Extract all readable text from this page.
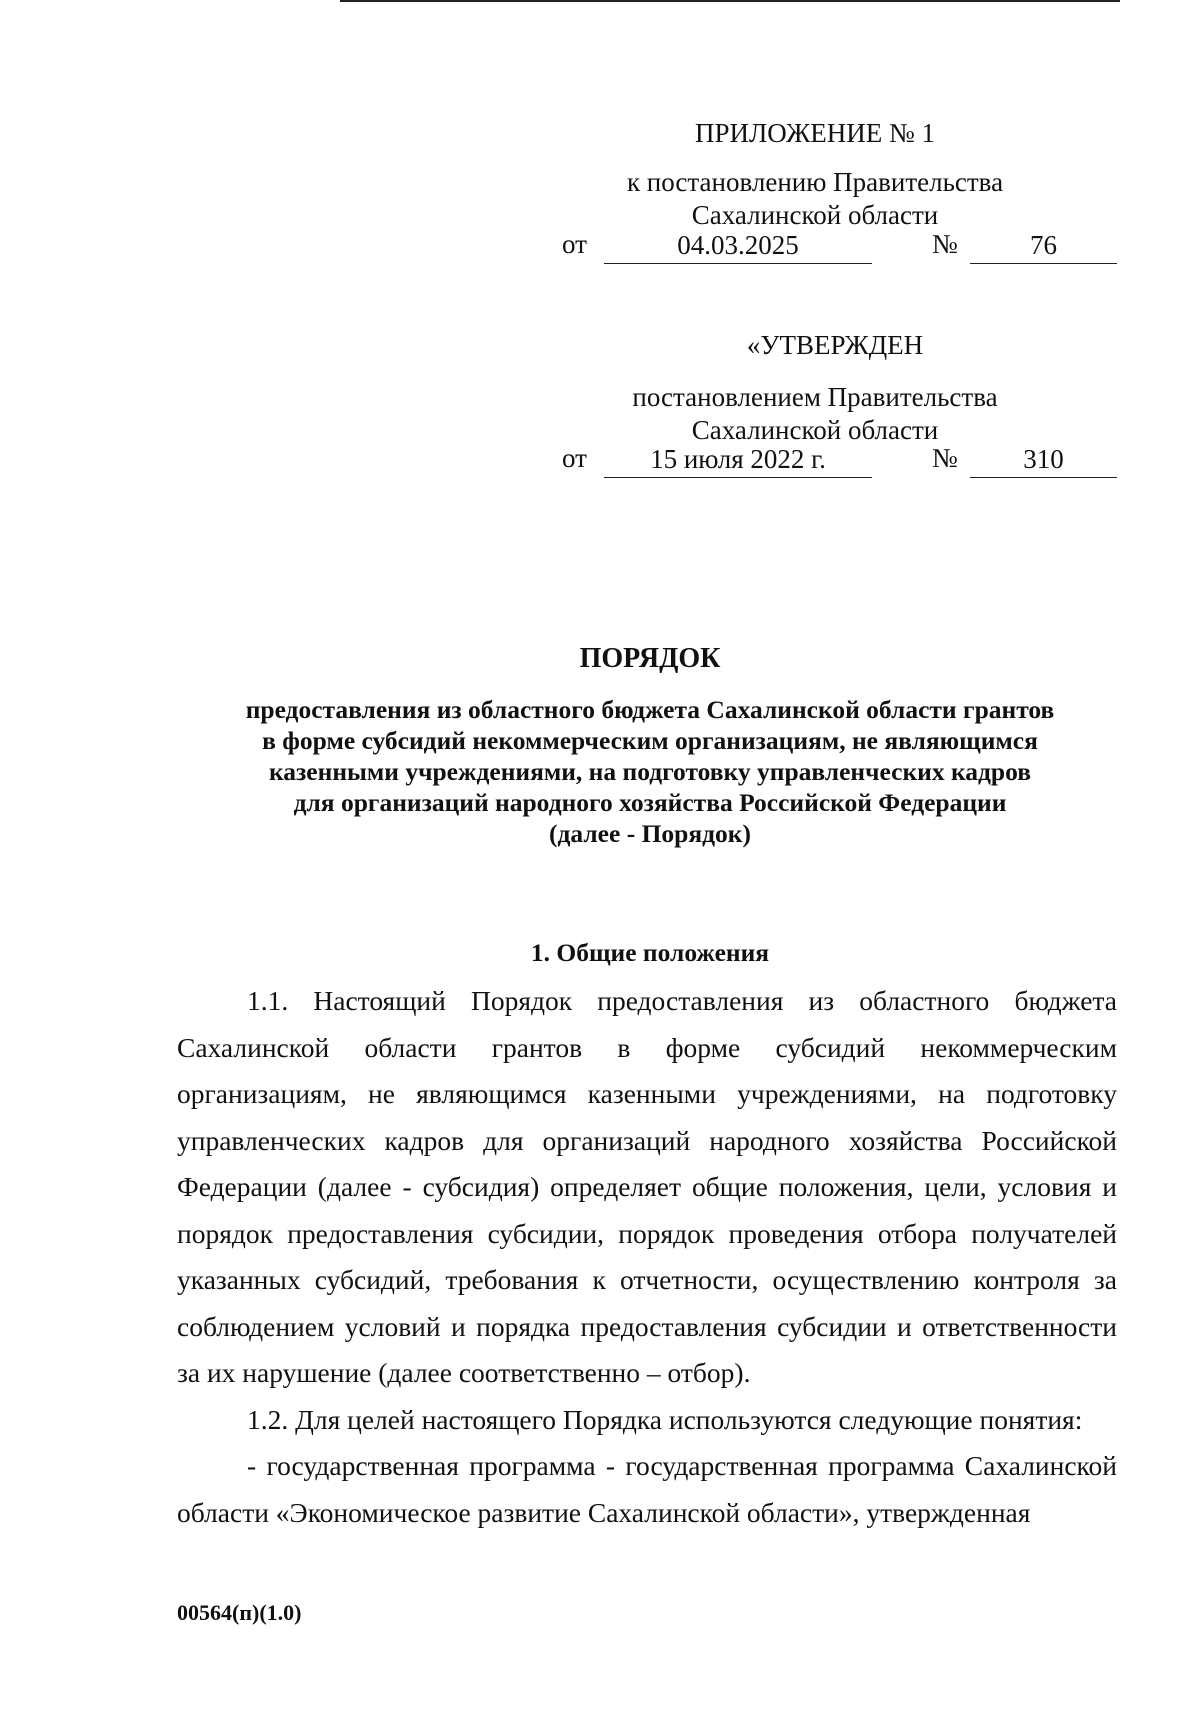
ПРИЛОЖЕНИЕ № 1
к постановлению Правительства
Сахалинской области
от	04.03.2025	№	76
«УТВЕРЖДЕН
постановлением Правительства
Сахалинской области
от	15 июля 2022 г.	№	310
ПОРЯДОК
предоставления из областного бюджета Сахалинской области грантов
в форме субсидий некоммерческим организациям, не являющимся
казенными учреждениями, на подготовку управленческих кадров
для организаций народного хозяйства Российской Федерации
(далее - Порядок)
1. Общие положения

1.1. Настоящий Порядок предоставления из областного бюджета Сахалинской области грантов в форме субсидий некоммерческим организациям, не являющимся казенными учреждениями, на подготовку управленческих кадров для организаций народного хозяйства Российской Федерации (далее - субсидия) определяет общие положения, цели, условия и порядок предоставления субсидии, порядок проведения отбора получателей указанных субсидий, требования к отчетности, осуществлению контроля за соблюдением условий и порядка предоставления субсидии и ответственности за их нарушение (далее соответственно – отбор).

1.2. Для целей настоящего Порядка используются следующие понятия:

- государственная программа - государственная программа Сахалинской области «Экономическое развитие Сахалинской области», утвержденная

00564(п)(1.0)
